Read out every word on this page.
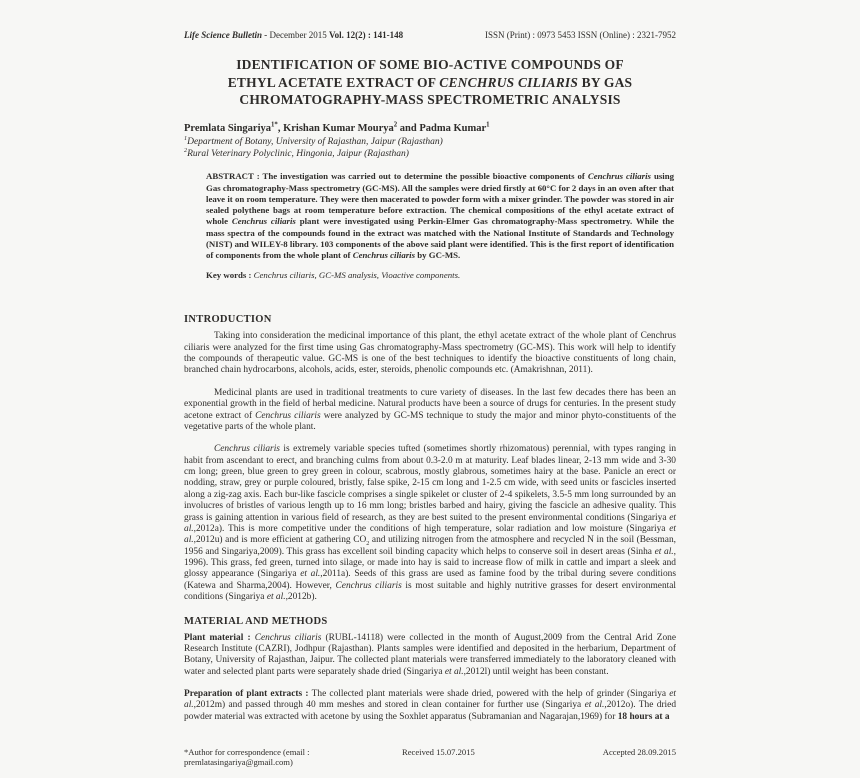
Life Science Bulletin - December 2015 Vol. 12(2) : 141-148	ISSN (Print) : 0973 5453 ISSN (Online) : 2321-7952
IDENTIFICATION OF SOME BIO-ACTIVE COMPOUNDS OF ETHYL ACETATE EXTRACT OF CENCHRUS CILIARIS BY GAS CHROMATOGRAPHY-MASS SPECTROMETRIC ANALYSIS
Premlata Singariya$^{1*}$, Krishan Kumar Mourya$^2$ and Padma Kumar$^1$
$^1$Department of Botany, University of Rajasthan, Jaipur (Rajasthan)
$^2$Rural Veterinary Polyclinic, Hingonia, Jaipur (Rajasthan)
ABSTRACT : The investigation was carried out to determine the possible bioactive components of Cenchrus ciliaris using Gas chromatography-Mass spectrometry (GC-MS). All the samples were dried firstly at 60°C for 2 days in an oven after that leave it on room temperature. They were then macerated to powder form with a mixer grinder. The powder was stored in air sealed polythene bags at room temperature before extraction. The chemical compositions of the ethyl acetate extract of whole Cenchrus ciliaris plant were investigated using Perkin-Elmer Gas chromatography-Mass spectrometry. While the mass spectra of the compounds found in the extract was matched with the National Institute of Standards and Technology (NIST) and WILEY-8 library. 103 components of the above said plant were identified. This is the first report of identification of components from the whole plant of Cenchrus ciliaris by GC-MS.
Key words : Cenchrus ciliaris, GC-MS analysis, Vioactive components.
INTRODUCTION

Taking into consideration the medicinal importance of this plant, the ethyl acetate extract of the whole plant of Cenchrus ciliaris were analyzed for the first time using Gas chromatography-Mass spectrometry (GC-MS). This work will help to identify the compounds of therapeutic value. GC-MS is one of the best techniques to identify the bioactive constituents of long chain, branched chain hydrocarbons, alcohols, acids, ester, steroids, phenolic compounds etc. (Amakrishnan, 2011).

Medicinal plants are used in traditional treatments to cure variety of diseases. In the last few decades there has been an exponential growth in the field of herbal medicine. Natural products have been a source of drugs for centuries. In the present study acetone extract of Cenchrus ciliaris were analyzed by GC-MS technique to study the major and minor phyto-constituents of the vegetative parts of the whole plant.

Cenchrus ciliaris is extremely variable species tufted (sometimes shortly rhizomatous) perennial, with types ranging in habit from ascendant to erect, and branching culms from about 0.3-2.0 m at maturity. Leaf blades linear, 2-13 mm wide and 3-30 cm long; green, blue green to grey green in colour, scabrous, mostly glabrous, sometimes hairy at the base. Panicle an erect or nodding, straw, grey or purple coloured, bristly, false spike, 2-15 cm long and 1-2.5 cm wide, with seed units or fascicles inserted along a zig-zag axis. Each bur-like fascicle comprises a single spikelet or cluster of 2-4 spikelets, 3.5-5 mm long surrounded by an involucres of bristles of various length up to 16 mm long; bristles barbed and hairy, giving the fascicle an adhesive quality. This grass is gaining attention in various field of research, as they are best suited to the present environmental conditions (Singariya et al.,2012a). This is more competitive under the conditions of high temperature, solar radiation and low moisture (Singariya et al.,2012u) and is more efficient at gathering $CO_2$ and utilizing nitrogen from the atmosphere and recycled N in the soil (Bessman, 1956 and Singariya,2009). This grass has excellent soil binding capacity which helps to conserve soil in desert areas (Sinha et al., 1996). This grass, fed green, turned into silage, or made into hay is said to increase flow of milk in cattle and impart a sleek and glossy appearance (Singariya et al.,2011a). Seeds of this grass are used as famine food by the tribal during severe conditions (Katewa and Sharma,2004). However, Cenchrus ciliaris is most suitable and highly nutritive grasses for desert environmental conditions (Singariya et al.,2012b).

MATERIAL AND METHODS

Plant material : Cenchrus ciliaris (RUBL-14118) were collected in the month of August,2009 from the Central Arid Zone Research Institute (CAZRI), Jodhpur (Rajasthan). Plants samples were identified and deposited in the herbarium, Department of Botany, University of Rajasthan, Jaipur. The collected plant materials were transferred immediately to the laboratory cleaned with water and selected plant parts were separately shade dried (Singariya et al.,2012l) until weight has been constant.

Preparation of plant extracts : The collected plant materials were shade dried, powered with the help of grinder (Singariya et al.,2012m) and passed through 40 mm meshes and stored in clean container for further use (Singariya et al.,2012o). The dried powder material was extracted with acetone by using the Soxhlet apparatus (Subramanian and Nagarajan,1969) for 18 hours at a

*Author for correspondence (email : premlatasingariya@gmail.com)
Received 15.07.2015	Accepted 28.09.2015
